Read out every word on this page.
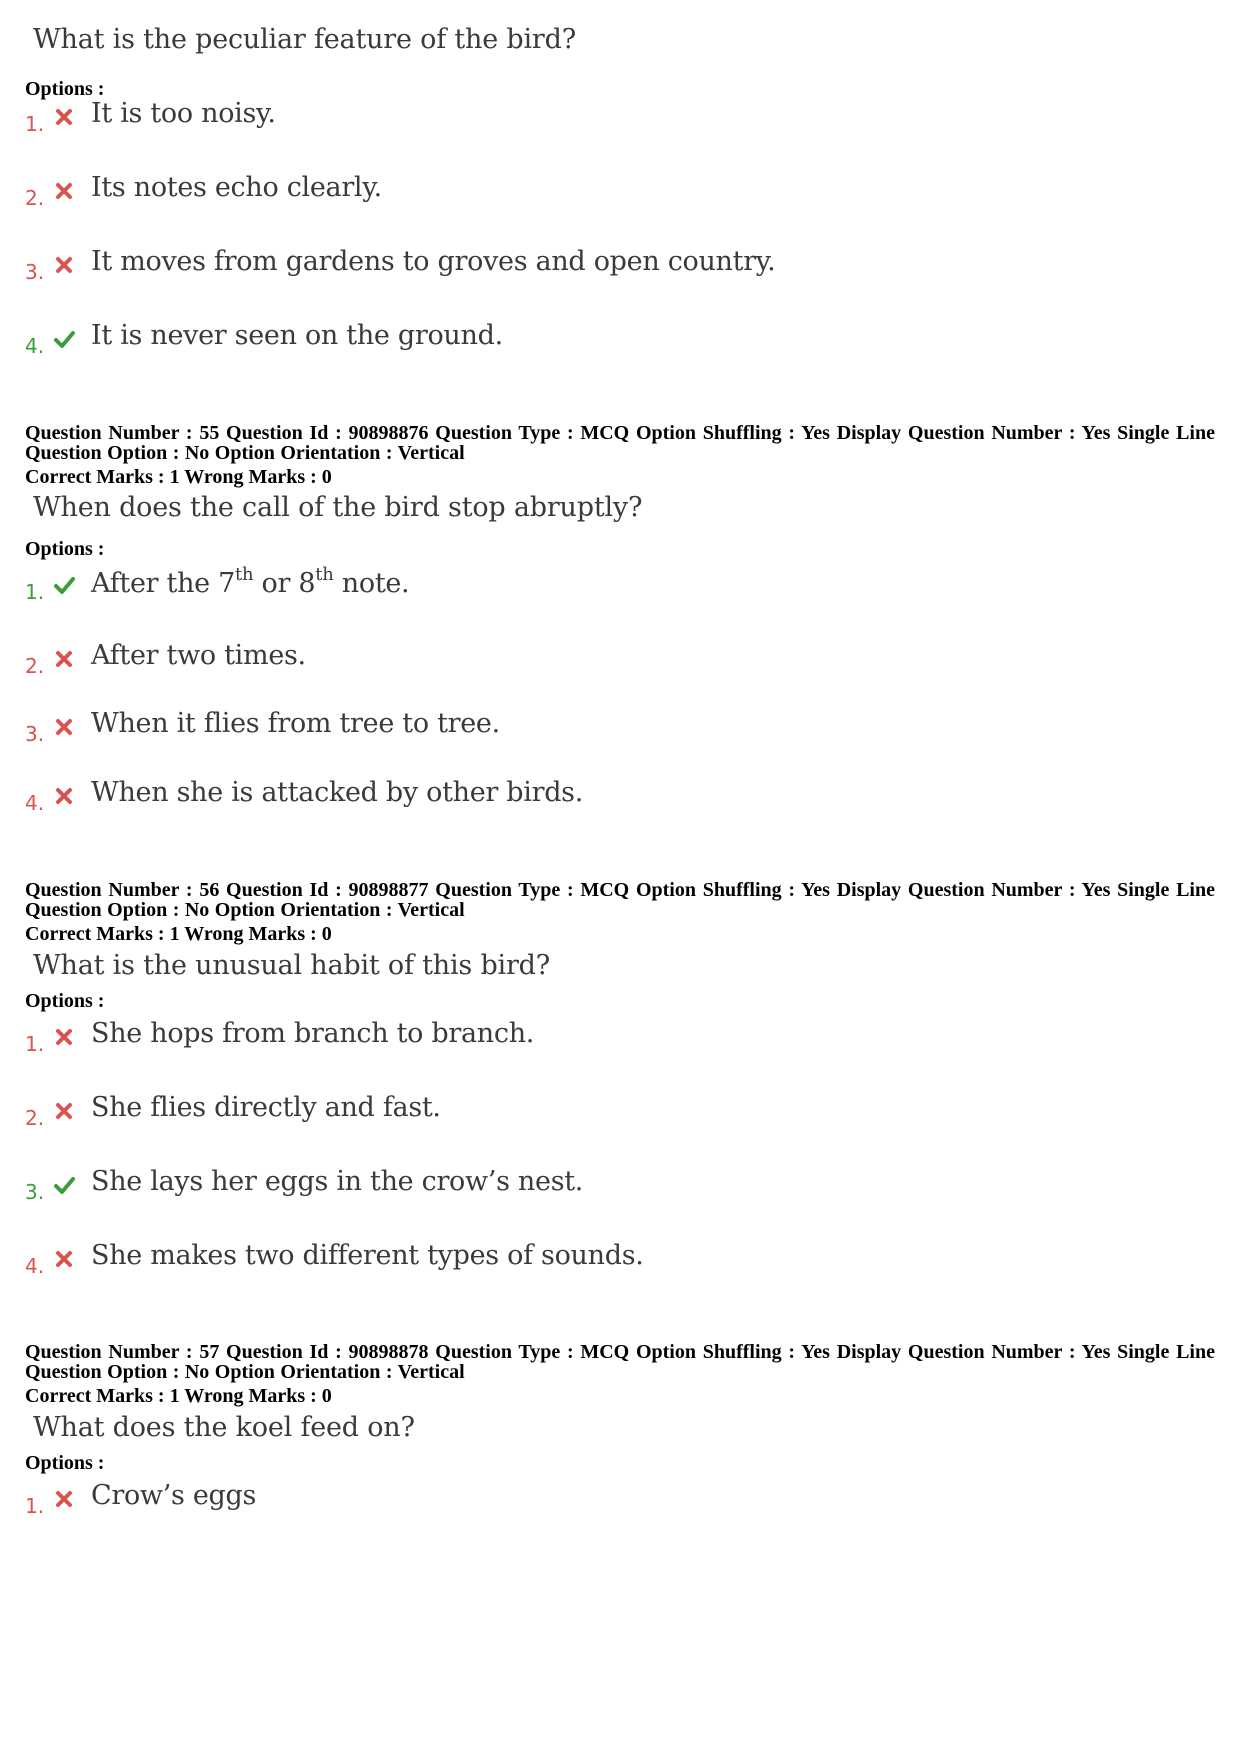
What is the peculiar feature of the bird?
Options :
1. It is too noisy.
2. Its notes echo clearly.
3. It moves from gardens to groves and open country.
4. It is never seen on the ground.
Question Number : 55 Question Id : 90898876 Question Type : MCQ Option Shuffling : Yes Display Question Number : Yes Single Line Question Option : No Option Orientation : Vertical
Correct Marks : 1 Wrong Marks : 0
When does the call of the bird stop abruptly?
Options :
1. After the 7th or 8th note.
2. After two times.
3. When it flies from tree to tree.
4. When she is attacked by other birds.
Question Number : 56 Question Id : 90898877 Question Type : MCQ Option Shuffling : Yes Display Question Number : Yes Single Line Question Option : No Option Orientation : Vertical
Correct Marks : 1 Wrong Marks : 0
What is the unusual habit of this bird?
Options :
1. She hops from branch to branch.
2. She flies directly and fast.
3. She lays her eggs in the crow’s nest.
4. She makes two different types of sounds.
Question Number : 57 Question Id : 90898878 Question Type : MCQ Option Shuffling : Yes Display Question Number : Yes Single Line Question Option : No Option Orientation : Vertical
Correct Marks : 1 Wrong Marks : 0
What does the koel feed on?
Options :
1. Crow’s eggs
